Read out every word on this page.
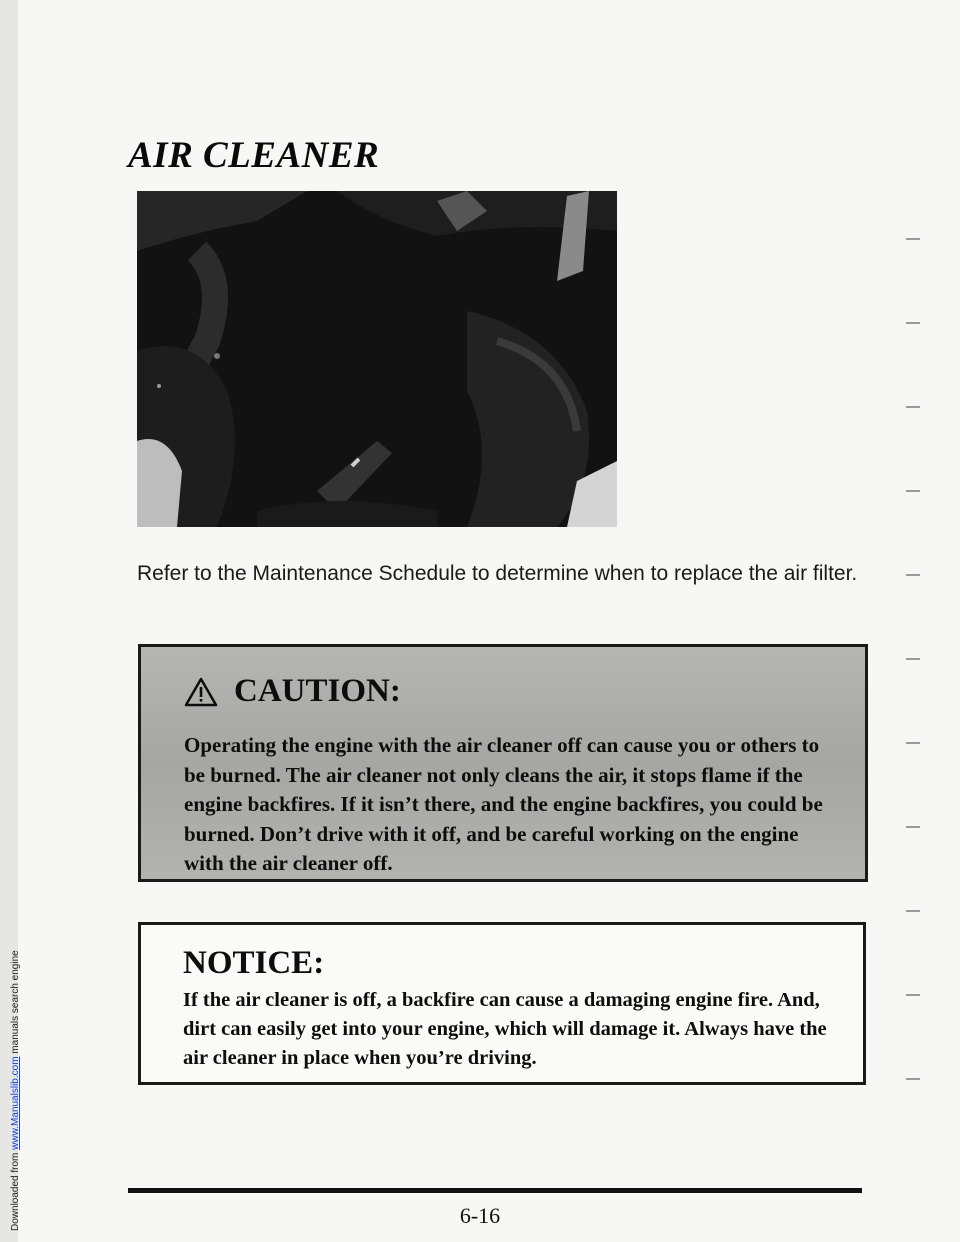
Downloaded from www.Manualslib.com manuals search engine
AIR CLEANER

Refer to the Maintenance Schedule to determine when to replace the air filter.

CAUTION:

Operating the engine with the air cleaner off can cause you or others to be burned. The air cleaner not only cleans the air, it stops flame if the engine backfires. If it isn’t there, and the engine backfires, you could be burned. Don’t drive with it off, and be careful working on the engine with the air cleaner off.

NOTICE:

If the air cleaner is off, a backfire can cause a damaging engine fire. And, dirt can easily get into your engine, which will damage it. Always have the air cleaner in place when you’re driving.

6-16
